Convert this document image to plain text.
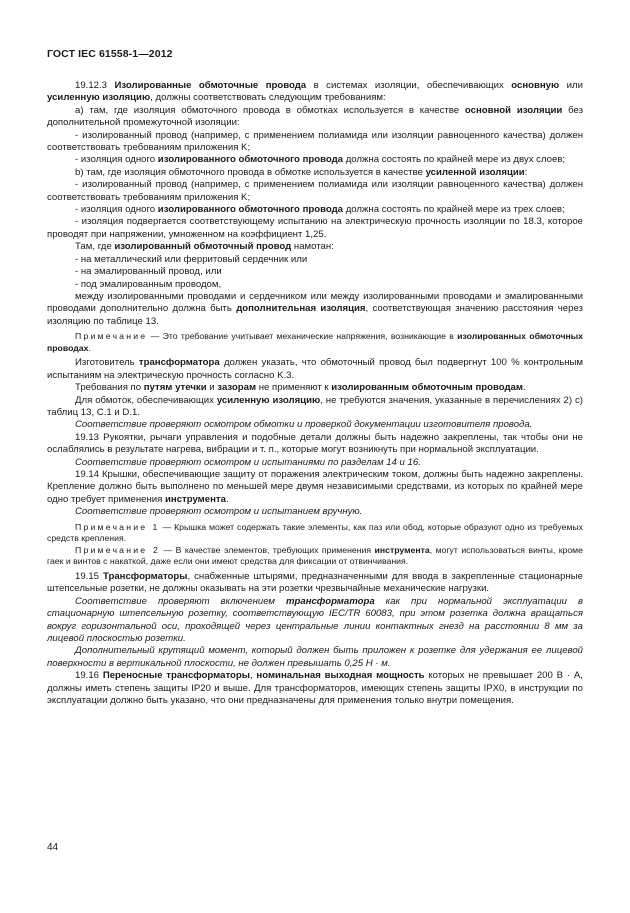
ГОСТ IEC 61558-1—2012

19.12.3 Изолированные обмоточные провода в системах изоляции, обеспечивающих основную или усиленную изоляцию, должны соответствовать следующим требованиям:

a) там, где изоляция обмоточного провода в обмотках используется в качестве основной изоляции без дополнительной промежуточной изоляции:

- изолированный провод (например, с применением полиамида или изоляции равноценного качества) должен соответствовать требованиям приложения K;

- изоляция одного изолированного обмоточного провода должна состоять по крайней мере из двух слоев;

b) там, где изоляция обмоточного провода в обмотке используется в качестве усиленной изоляции:

- изолированный провод (например, с применением полиамида или изоляции равноценного качества) должен соответствовать требованиям приложения K;

- изоляция одного изолированного обмоточного провода должна состоять по крайней мере из трех слоев;

- изоляция подвергается соответствующему испытанию на электрическую прочность изоляции по 18.3, которое проводят при напряжении, умноженном на коэффициент 1,25.

Там, где изолированный обмоточный провод намотан:

- на металлический или ферритовый сердечник или

- на эмалированный провод, или

- под эмалированным проводом,

между изолированными проводами и сердечником или между изолированными проводами и эмалированными проводами дополнительно должна быть дополнительная изоляция, соответствующая значению расстояния через изоляцию по таблице 13.

Примечание — Это требование учитывает механические напряжения, возникающие в изолированных обмоточных проводах.

Изготовитель трансформатора должен указать, что обмоточный провод был подвергнут 100 % контрольным испытаниям на электрическую прочность согласно K.3.

Требования по путям утечки и зазорам не применяют к изолированным обмоточным проводам.

Для обмоток, обеспечивающих усиленную изоляцию, не требуются значения, указанные в перечислениях 2) c) таблиц 13, C.1 и D.1.

Соответствие проверяют осмотром обмотки и проверкой документации изготовителя провода.

19.13 Рукоятки, рычаги управления и подобные детали должны быть надежно закреплены, так чтобы они не ослаблялись в результате нагрева, вибрации и т. п., которые могут возникнуть при нормальной эксплуатации.

Соответствие проверяют осмотром и испытаниями по разделам 14 и 16.

19.14 Крышки, обеспечивающие защиту от поражения электрическим током, должны быть надежно закреплены. Крепление должно быть выполнено по меньшей мере двумя независимыми средствами, из которых по крайней мере одно требует применения инструмента.

Соответствие проверяют осмотром и испытанием вручную.

Примечание 1 — Крышка может содержать такие элементы, как паз или обод, которые образуют одно из требуемых средств крепления.

Примечание 2 — В качестве элементов, требующих применения инструмента, могут использоваться винты, кроме гаек и винтов с накаткой, даже если они имеют средства для фиксации от отвинчивания.

19.15 Трансформаторы, снабженные штырями, предназначенными для ввода в закрепленные стационарные штепсельные розетки, не должны оказывать на эти розетки чрезвычайные механические нагрузки.

Соответствие проверяют включением трансформатора как при нормальной эксплуатации в стационарную штепсельную розетку, соответствующую IEC/TR 60083, при этом розетка должна вращаться вокруг горизонтальной оси, проходящей через центральные линии контактных гнезд на расстоянии 8 мм за лицевой плоскостью розетки.

Дополнительный крутящий момент, который должен быть приложен к розетке для удержания ее лицевой поверхности в вертикальной плоскости, не должен превышать 0,25 Н · м.

19.16 Переносные трансформаторы, номинальная выходная мощность которых не превышает 200 В · А, должны иметь степень защиты IP20 и выше. Для трансформаторов, имеющих степень защиты IPX0, в инструкции по эксплуатации должно быть указано, что они предназначены для применения только внутри помещения.

44
